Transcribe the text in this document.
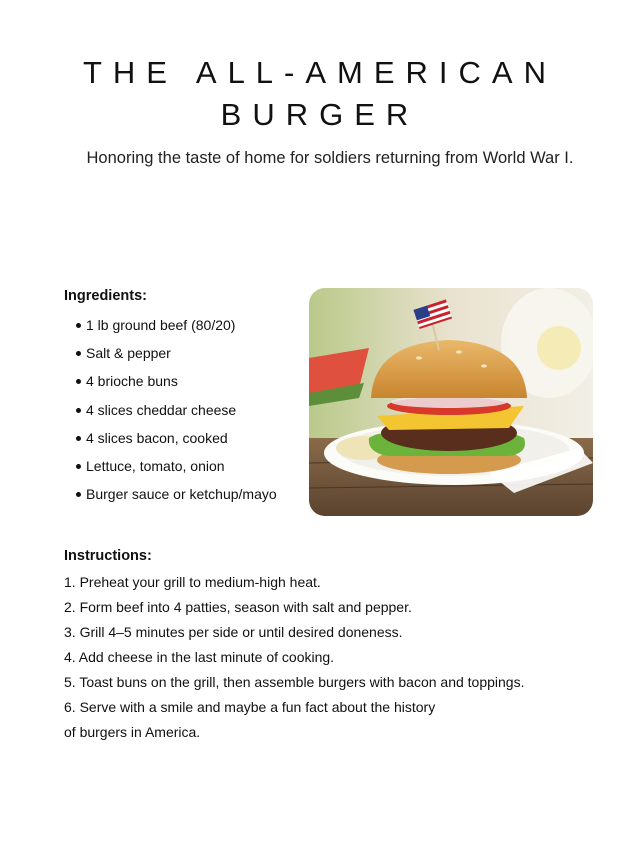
THE ALL-AMERICAN BURGER

Honoring the taste of home for soldiers returning from World War I.

Ingredients:
1 lb ground beef (80/20)
Salt & pepper
4 brioche buns
4 slices cheddar cheese
4 slices bacon, cooked
Lettuce, tomato, onion
Burger sauce or ketchup/mayo
Instructions:
1. Preheat your grill to medium-high heat.
2. Form beef into 4 patties, season with salt and pepper.
3. Grill 4–5 minutes per side or until desired doneness.
4. Add cheese in the last minute of cooking.
5. Toast buns on the grill, then assemble burgers with bacon and toppings.
6. Serve with a smile and maybe a fun fact about the history
of burgers in America.
